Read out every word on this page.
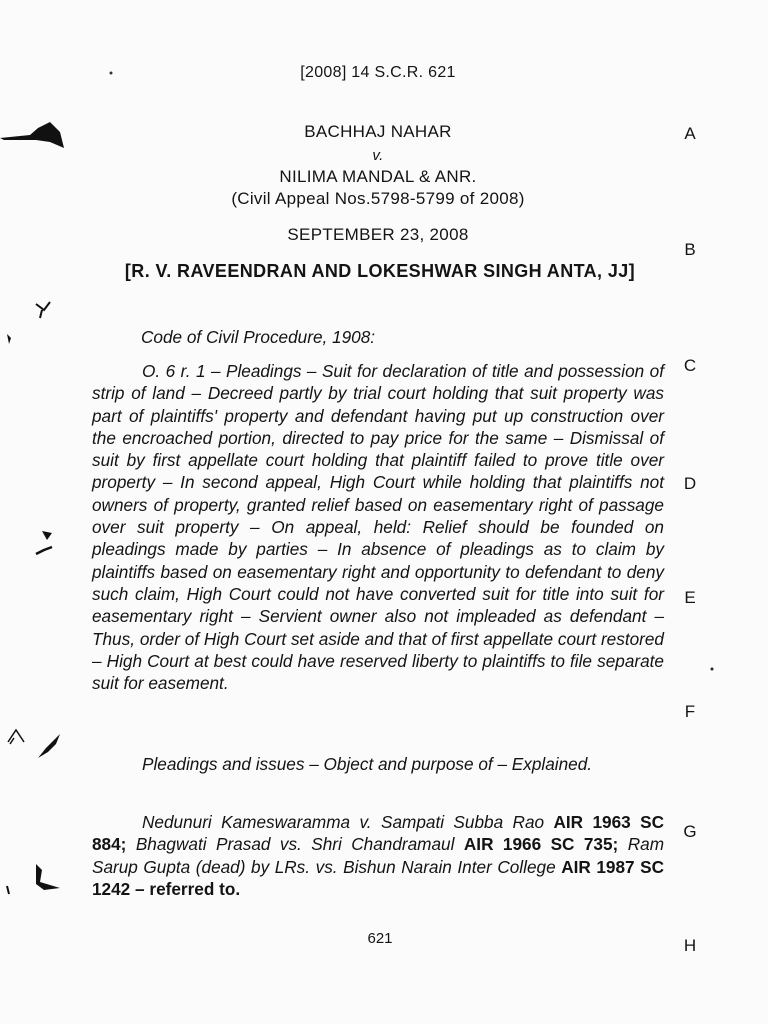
[2008] 14 S.C.R. 621
BACHHAJ NAHAR
v.
NILIMA MANDAL & ANR.
(Civil Appeal Nos.5798-5799 of 2008)
SEPTEMBER 23, 2008
[R. V. RAVEENDRAN AND LOKESHWAR SINGH ANTA, JJ]
Code of Civil Procedure, 1908:
O. 6 r. 1 – Pleadings – Suit for declaration of title and possession of strip of land – Decreed partly by trial court holding that suit property was part of plaintiffs' property and defendant having put up construction over the encroached portion, directed to pay price for the same – Dismissal of suit by first appellate court holding that plaintiff failed to prove title over property – In second appeal, High Court while holding that plaintiffs not owners of property, granted relief based on easementary right of passage over suit property – On appeal, held: Relief should be founded on pleadings made by parties – In absence of pleadings as to claim by plaintiffs based on easementary right and opportunity to defendant to deny such claim, High Court could not have converted suit for title into suit for easementary right – Servient owner also not impleaded as defendant – Thus, order of High Court set aside and that of first appellate court restored – High Court at best could have reserved liberty to plaintiffs to file separate suit for easement.
Pleadings and issues – Object and purpose of – Explained.
Nedunuri Kameswaramma v. Sampati Subba Rao AIR 1963 SC 884; Bhagwati Prasad vs. Shri Chandramaul AIR 1966 SC 735; Ram Sarup Gupta (dead) by LRs. vs. Bishun Narain Inter College AIR 1987 SC 1242 – referred to.
621
A
B
C
D
E
F
G
H
